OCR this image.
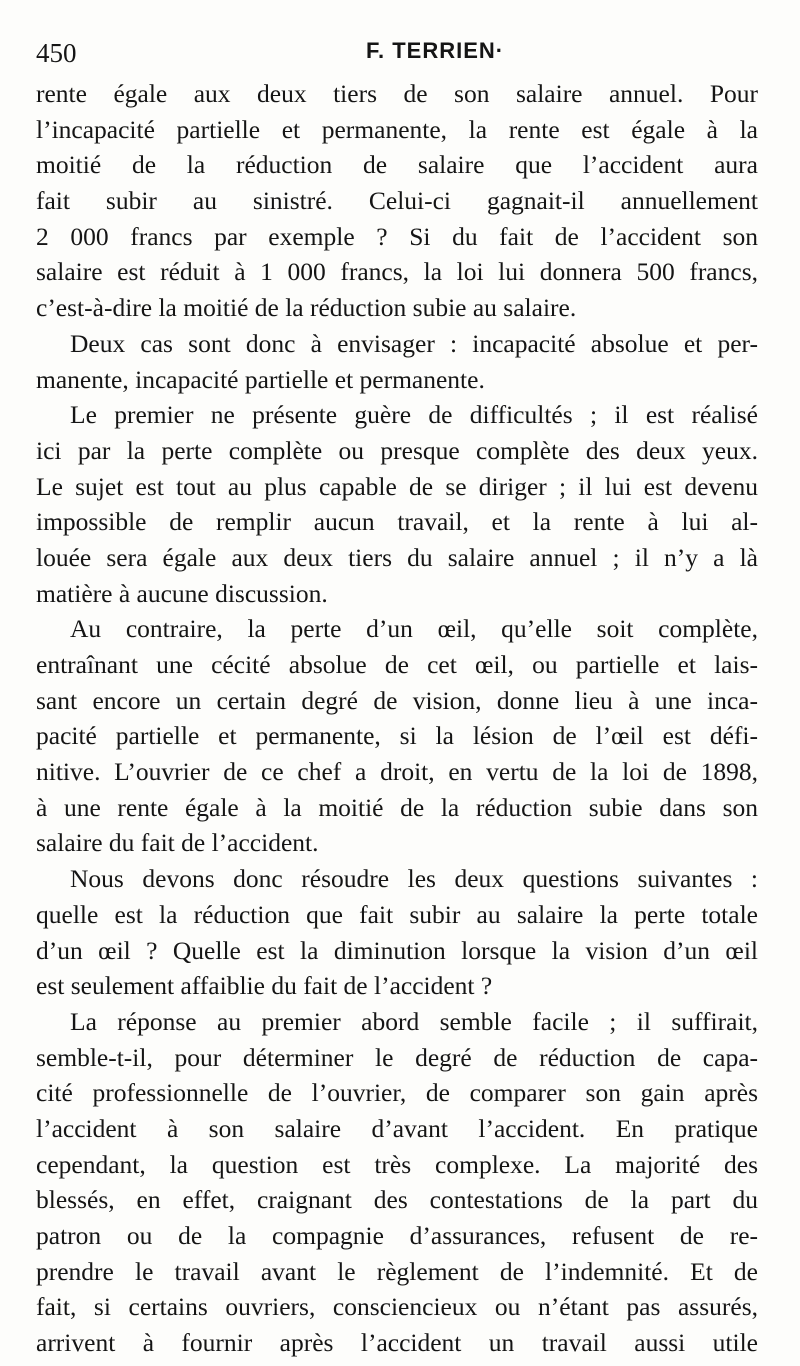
450	F. TERRIEN·
rente égale aux deux tiers de son salaire annuel. Pour
l’incapacité partielle et permanente, la rente est égale à la
moitié de la réduction de salaire que l’accident aura
fait subir au sinistré. Celui-ci gagnait-il annuellement
2 000 francs par exemple ? Si du fait de l’accident son
salaire est réduit à 1 000 francs, la loi lui donnera 500 francs,
c’est-à-dire la moitié de la réduction subie au salaire.
Deux cas sont donc à envisager : incapacité absolue et per-
manente, incapacité partielle et permanente.
Le premier ne présente guère de difficultés ; il est réalisé
ici par la perte complète ou presque complète des deux yeux.
Le sujet est tout au plus capable de se diriger ; il lui est devenu
impossible de remplir aucun travail, et la rente à lui al-
louée sera égale aux deux tiers du salaire annuel ; il n’y a là
matière à aucune discussion.
Au contraire, la perte d’un œil, qu’elle soit complète,
entraînant une cécité absolue de cet œil, ou partielle et lais-
sant encore un certain degré de vision, donne lieu à une inca-
pacité partielle et permanente, si la lésion de l’œil est défi-
nitive. L’ouvrier de ce chef a droit, en vertu de la loi de 1898,
à une rente égale à la moitié de la réduction subie dans son
salaire du fait de l’accident.
Nous devons donc résoudre les deux questions suivantes :
quelle est la réduction que fait subir au salaire la perte totale
d’un œil ? Quelle est la diminution lorsque la vision d’un œil
est seulement affaiblie du fait de l’accident ?
La réponse au premier abord semble facile ; il suffirait,
semble-t-il, pour déterminer le degré de réduction de capa-
cité professionnelle de l’ouvrier, de comparer son gain après
l’accident à son salaire d’avant l’accident. En pratique
cependant, la question est très complexe. La majorité des
blessés, en effet, craignant des contestations de la part du
patron ou de la compagnie d’assurances, refusent de re-
prendre le travail avant le règlement de l’indemnité. Et de
fait, si certains ouvriers, consciencieux ou n’étant pas assurés,
arrivent à fournir après l’accident un travail aussi utile
